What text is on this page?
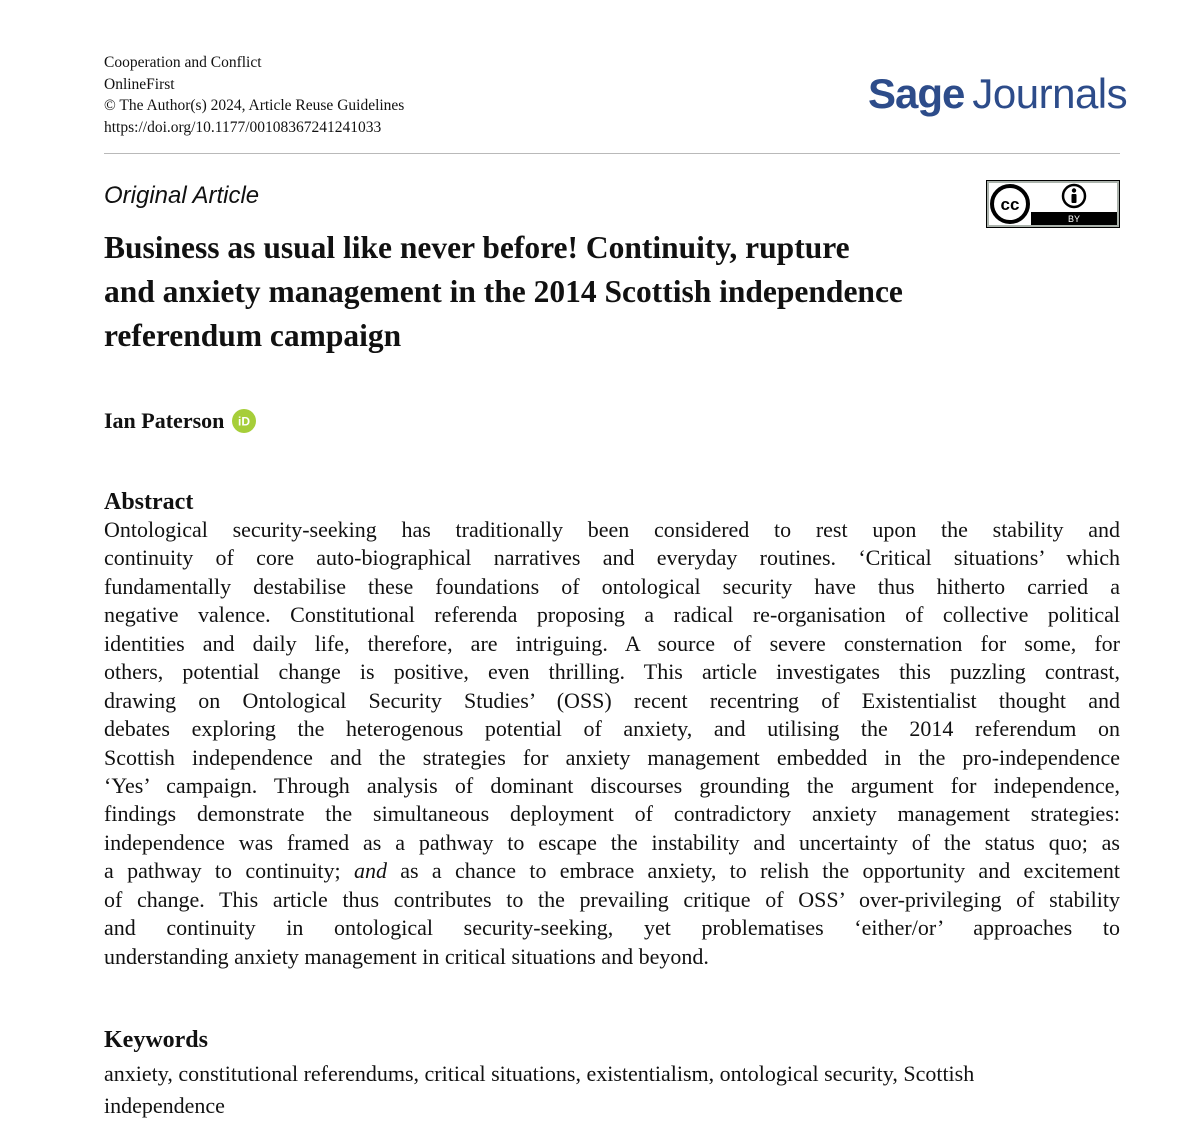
Cooperation and Conflict
OnlineFirst
© The Author(s) 2024, Article Reuse Guidelines
https://doi.org/10.1177/00108367241241033
Sage Journals
Original Article	cc
BY
Business as usual like never before! Continuity, rupture
and anxiety management in the 2014 Scottish independence
referendum campaign
Ian Paterson iD
Abstract
Ontological security-seeking has traditionally been considered to rest upon the stability and
continuity of core auto-biographical narratives and everyday routines. ‘Critical situations’ which
fundamentally destabilise these foundations of ontological security have thus hitherto carried a
negative valence. Constitutional referenda proposing a radical re-organisation of collective political
identities and daily life, therefore, are intriguing. A source of severe consternation for some, for
others, potential change is positive, even thrilling. This article investigates this puzzling contrast,
drawing on Ontological Security Studies’ (OSS) recent recentring of Existentialist thought and
debates exploring the heterogenous potential of anxiety, and utilising the 2014 referendum on
Scottish independence and the strategies for anxiety management embedded in the pro-independence
‘Yes’ campaign. Through analysis of dominant discourses grounding the argument for independence,
findings demonstrate the simultaneous deployment of contradictory anxiety management strategies:
independence was framed as a pathway to escape the instability and uncertainty of the status quo; as
a pathway to continuity; and as a chance to embrace anxiety, to relish the opportunity and excitement
of change. This article thus contributes to the prevailing critique of OSS’ over-privileging of stability
and continuity in ontological security-seeking, yet problematises ‘either/or’ approaches to
understanding anxiety management in critical situations and beyond.
Keywords
anxiety, constitutional referendums, critical situations, existentialism, ontological security, Scottish
independence
